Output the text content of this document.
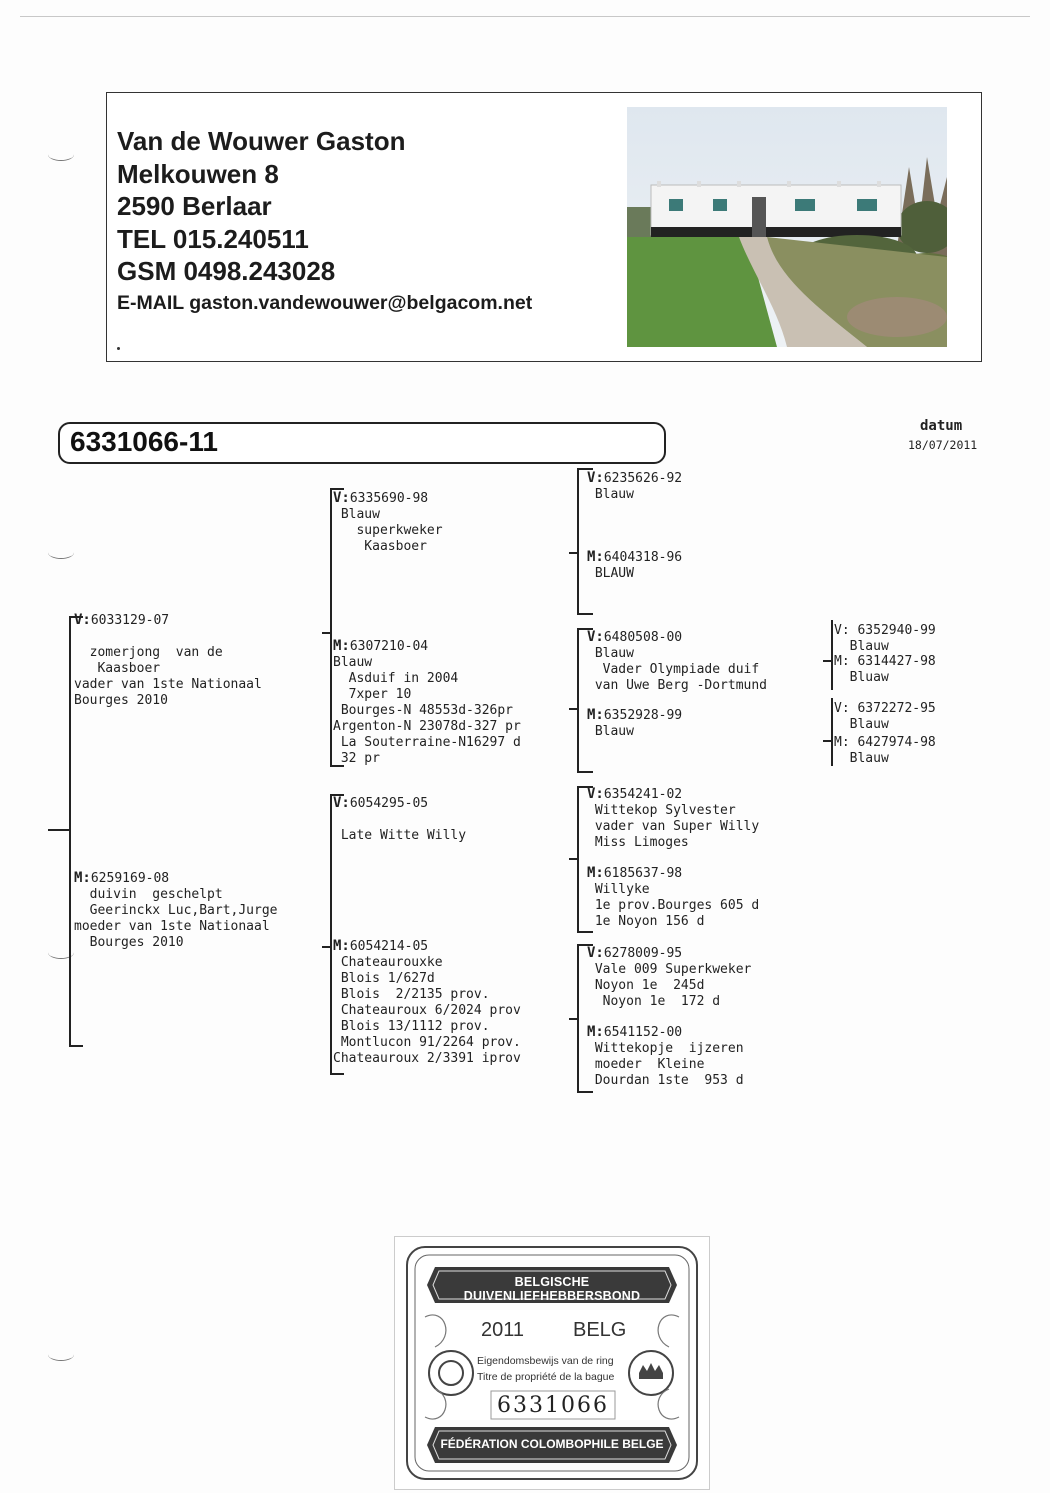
Van de Wouwer Gaston
Melkouwen 8
2590 Berlaar
TEL 015.240511
GSM 0498.243028
E-MAIL gaston.vandewouwer@belgacom.net
6331066-11	datum
18/07/2011
V:6033129-07

zomerjong  van de
Kaasboer
vader van 1ste Nationaal
Bourges 2010
M:6259169-08
duivin  geschelpt
Geerinckx Luc,Bart,Jurge
moeder van 1ste Nationaal
Bourges 2010
V:6335690-98
Blauw
superkweker
Kaasboer
M:6307210-04
Blauw
Asduif in 2004
7xper 10
Bourges-N 48553d-326pr
Argenton-N 23078d-327 pr
La Souterraine-N16297 d
32 pr
V:6054295-05

Late Witte Willy
M:6054214-05
Chateaurouxke
Blois 1/627d
Blois  2/2135 prov.
Chateauroux 6/2024 prov
Blois 13/1112 prov.
Montlucon 91/2264 prov.
Chateauroux 2/3391 iprov
V:6235626-92
Blauw
M:6404318-96
BLAUW
V:6480508-00
Blauw
Vader Olympiade duif
van Uwe Berg -Dortmund
M:6352928-99
Blauw
V:6354241-02
Wittekop Sylvester
vader van Super Willy
Miss Limoges
M:6185637-98
Willyke
1e prov.Bourges 605 d
1e Noyon 156 d
V:6278009-95
Vale 009 Superkweker
Noyon 1e  245d
Noyon 1e  172 d
M:6541152-00
Wittekopje  ijzeren
moeder  Kleine
Dourdan 1ste  953 d
V: 6352940-99
Blauw
M: 6314427-98
Bluaw
V: 6372272-95
Blauw
M: 6427974-98
Blauw
BELGISCHE DUIVENLIEFHEBBERSBOND
2011 BELG
Eigendomsbewijs van de ring
Titre de propriété de la bague
6331066
FÉDÉRATION COLOMBOPHILE BELGE
